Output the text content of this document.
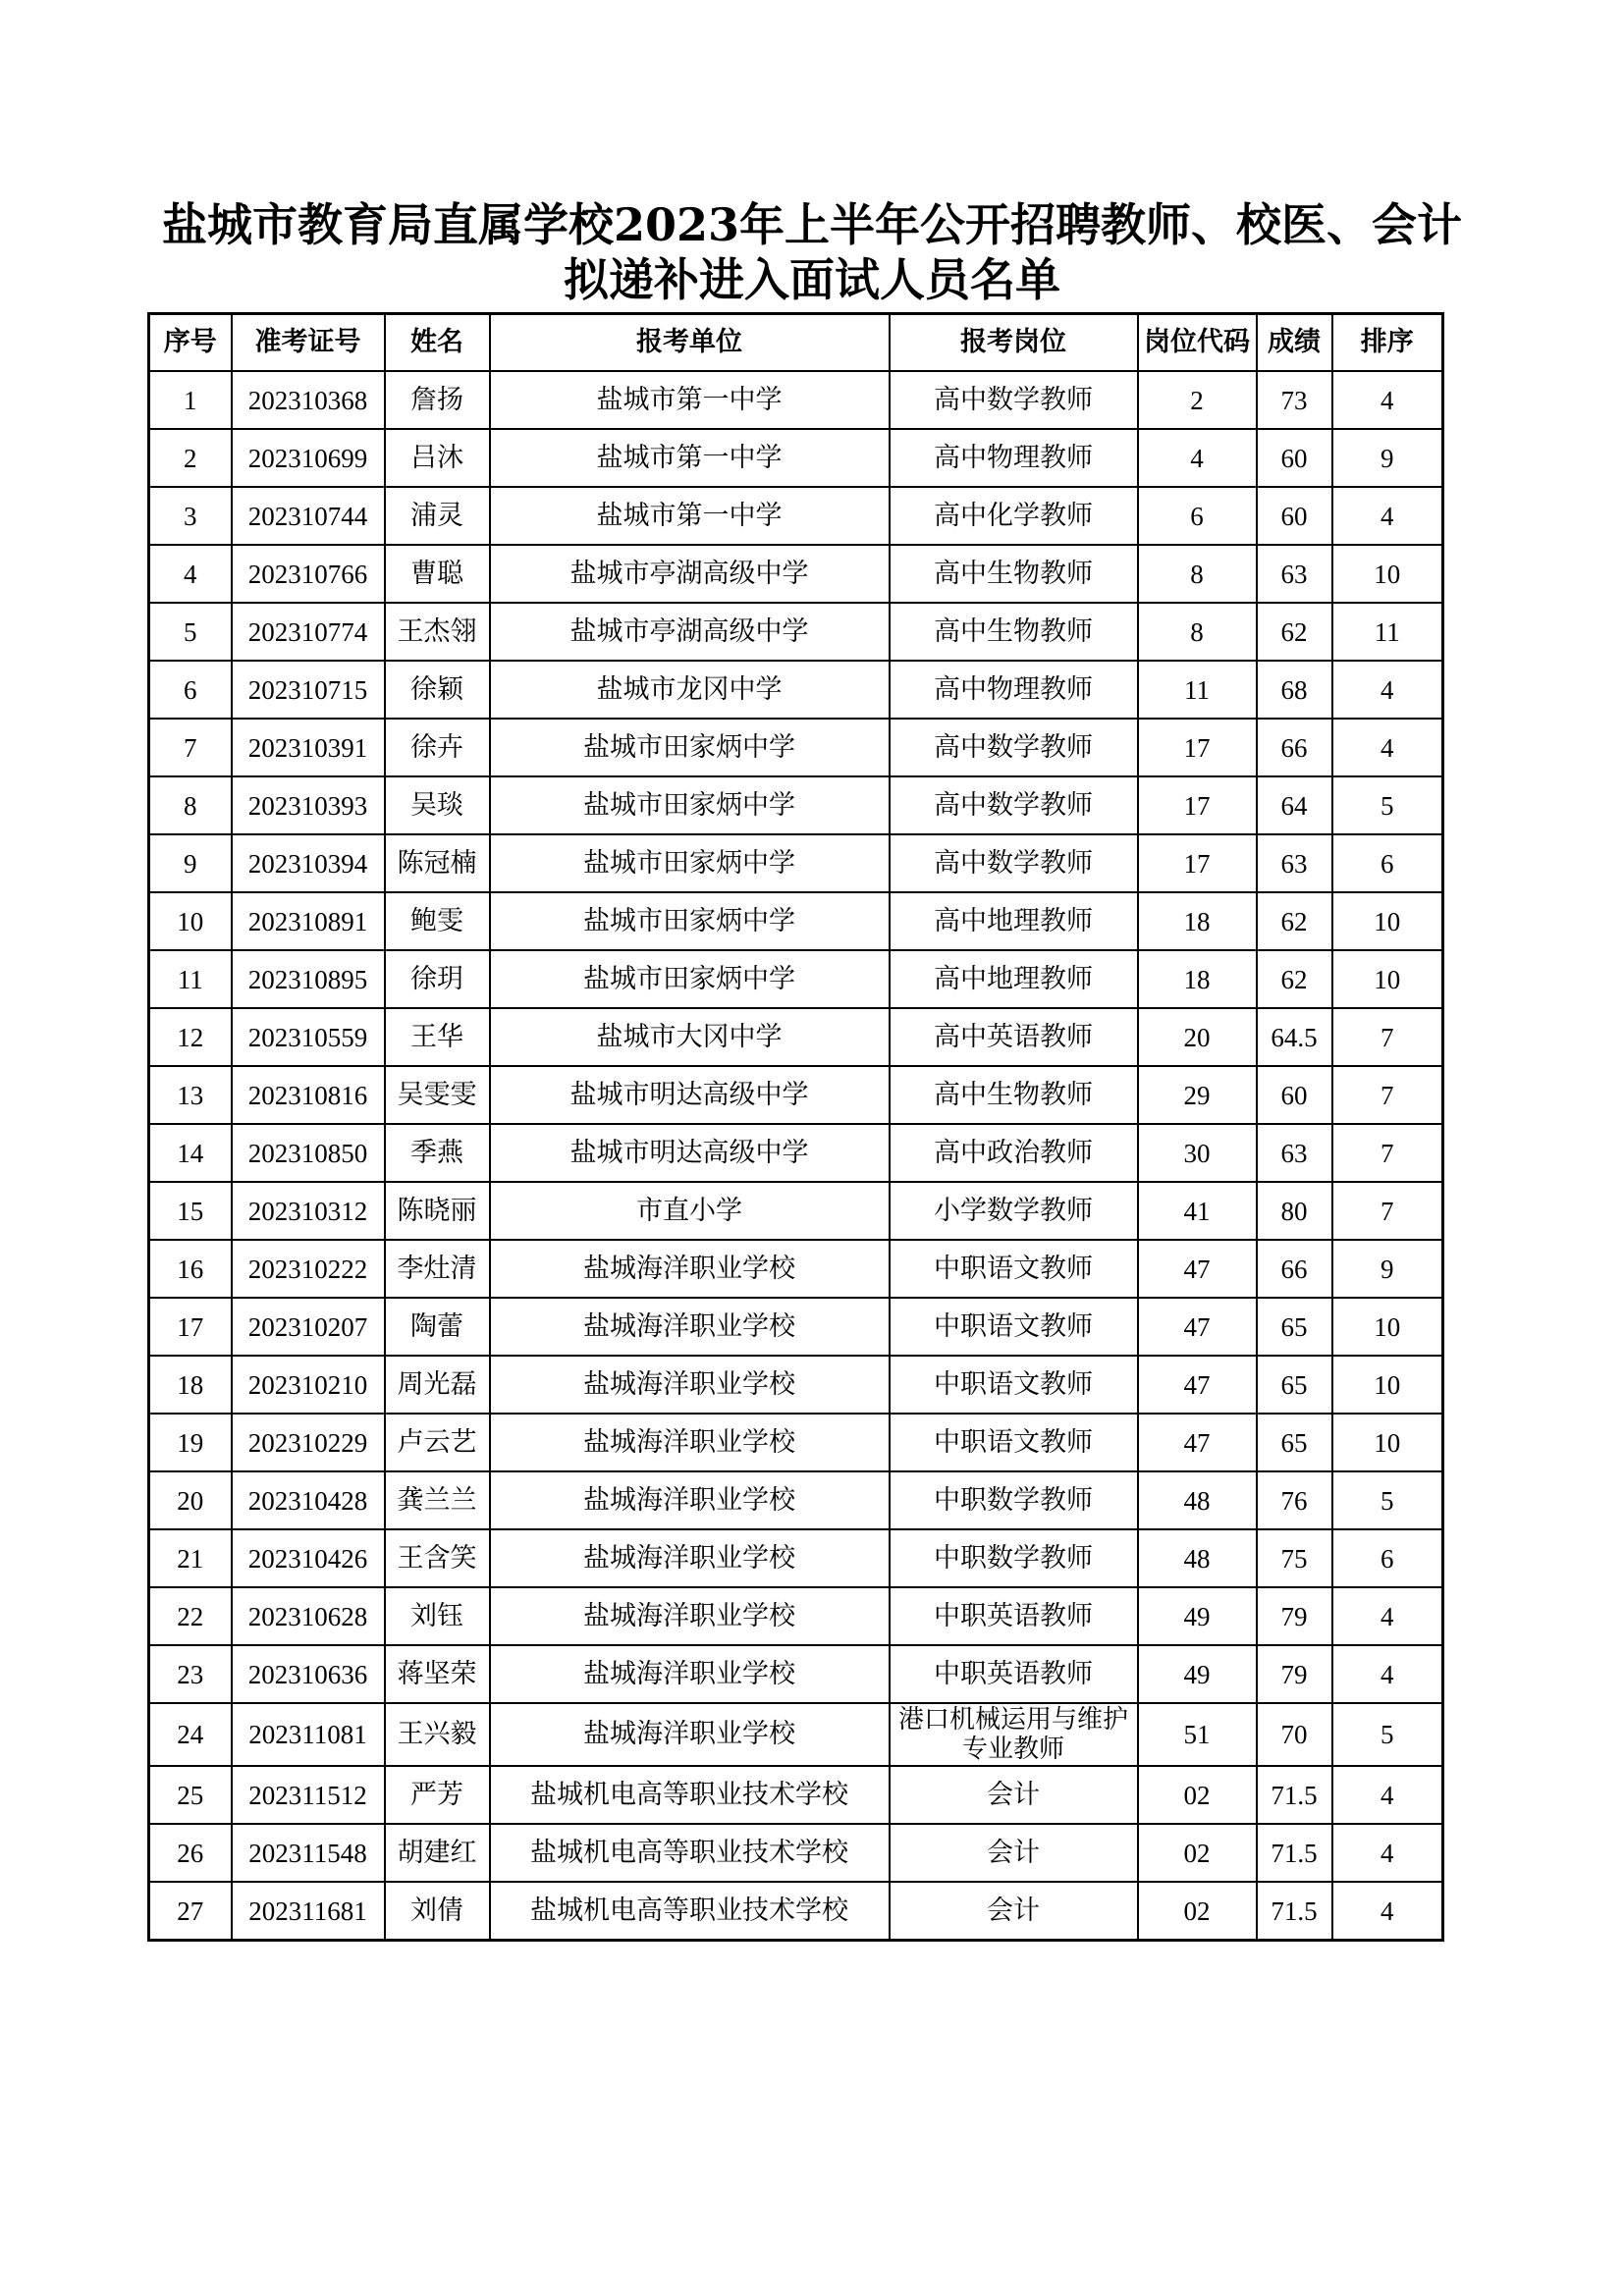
盐城市教育局直属学校2023年上半年公开招聘教师、校医、会计
拟递补进入面试人员名单
序号	准考证号	姓名	报考单位	报考岗位	岗位代码	成绩	排序
1	202310368	詹扬	盐城市第一中学	高中数学教师	2	73	4
2	202310699	吕沐	盐城市第一中学	高中物理教师	4	60	9
3	202310744	浦灵	盐城市第一中学	高中化学教师	6	60	4
4	202310766	曹聪	盐城市亭湖高级中学	高中生物教师	8	63	10
5	202310774	王杰翎	盐城市亭湖高级中学	高中生物教师	8	62	11
6	202310715	徐颖	盐城市龙冈中学	高中物理教师	11	68	4
7	202310391	徐卉	盐城市田家炳中学	高中数学教师	17	66	4
8	202310393	吴琰	盐城市田家炳中学	高中数学教师	17	64	5
9	202310394	陈冠楠	盐城市田家炳中学	高中数学教师	17	63	6
10	202310891	鲍雯	盐城市田家炳中学	高中地理教师	18	62	10
11	202310895	徐玥	盐城市田家炳中学	高中地理教师	18	62	10
12	202310559	王华	盐城市大冈中学	高中英语教师	20	64.5	7
13	202310816	吴雯雯	盐城市明达高级中学	高中生物教师	29	60	7
14	202310850	季燕	盐城市明达高级中学	高中政治教师	30	63	7
15	202310312	陈晓丽	市直小学	小学数学教师	41	80	7
16	202310222	李灶清	盐城海洋职业学校	中职语文教师	47	66	9
17	202310207	陶蕾	盐城海洋职业学校	中职语文教师	47	65	10
18	202310210	周光磊	盐城海洋职业学校	中职语文教师	47	65	10
19	202310229	卢云艺	盐城海洋职业学校	中职语文教师	47	65	10
20	202310428	龚兰兰	盐城海洋职业学校	中职数学教师	48	76	5
21	202310426	王含笑	盐城海洋职业学校	中职数学教师	48	75	6
22	202310628	刘钰	盐城海洋职业学校	中职英语教师	49	79	4
23	202310636	蒋坚荣	盐城海洋职业学校	中职英语教师	49	79	4
24	202311081	王兴毅	盐城海洋职业学校	港口机械运用与维护专业教师	51	70	5
25	202311512	严芳	盐城机电高等职业技术学校	会计	02	71.5	4
26	202311548	胡建红	盐城机电高等职业技术学校	会计	02	71.5	4
27	202311681	刘倩	盐城机电高等职业技术学校	会计	02	71.5	4
